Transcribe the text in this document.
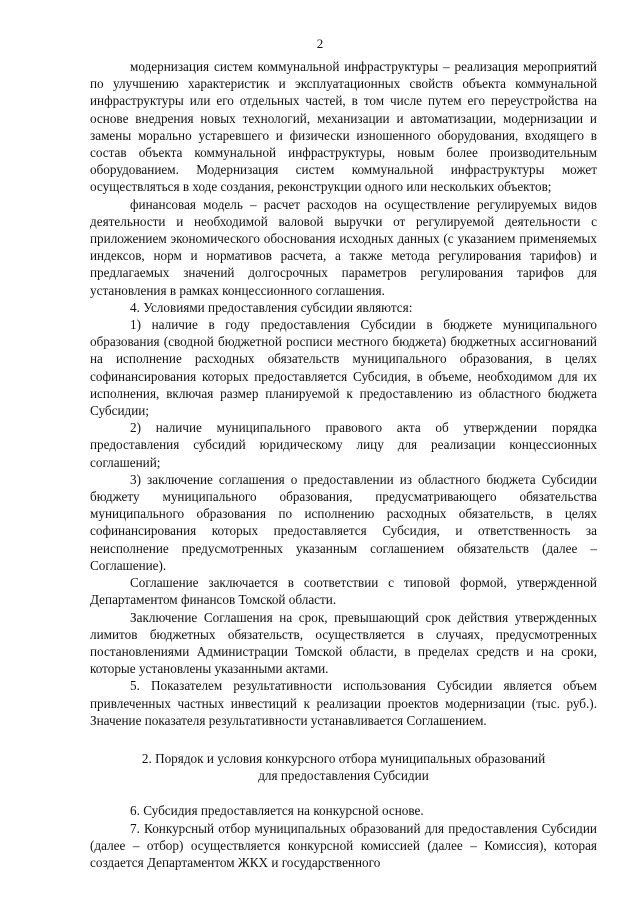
2

модернизация систем коммунальной инфраструктуры – реализация мероприятий по улучшению характеристик и эксплуатационных свойств объекта коммунальной инфраструктуры или его отдельных частей, в том числе путем его переустройства на основе внедрения новых технологий, механизации и автоматизации, модернизации и замены морально устаревшего и физически изношенного оборудования, входящего в состав объекта коммунальной инфраструктуры, новым более производительным оборудованием. Модернизация систем коммунальной инфраструктуры может осуществляться в ходе создания, реконструкции одного или нескольких объектов;

финансовая модель – расчет расходов на осуществление регулируемых видов деятельности и необходимой валовой выручки от регулируемой деятельности с приложением экономического обоснования исходных данных (с указанием применяемых индексов, норм и нормативов расчета, а также метода регулирования тарифов) и предлагаемых значений долгосрочных параметров регулирования тарифов для установления в рамках концессионного соглашения.

4. Условиями предоставления субсидии являются:

1) наличие в году предоставления Субсидии в бюджете муниципального образования (сводной бюджетной росписи местного бюджета) бюджетных ассигнований на исполнение расходных обязательств муниципального образования, в целях софинансирования которых предоставляется Субсидия, в объеме, необходимом для их исполнения, включая размер планируемой к предоставлению из областного бюджета Субсидии;

2) наличие муниципального правового акта об утверждении порядка предоставления субсидий юридическому лицу для реализации концессионных соглашений;

3) заключение соглашения о предоставлении из областного бюджета Субсидии бюджету муниципального образования, предусматривающего обязательства муниципального образования по исполнению расходных обязательств, в целях софинансирования которых предоставляется Субсидия, и ответственность за неисполнение предусмотренных указанным соглашением обязательств (далее – Соглашение).

Соглашение заключается в соответствии с типовой формой, утвержденной Департаментом финансов Томской области.

Заключение Соглашения на срок, превышающий срок действия утвержденных лимитов бюджетных обязательств, осуществляется в случаях, предусмотренных постановлениями Администрации Томской области, в пределах средств и на сроки, которые установлены указанными актами.

5. Показателем результативности использования Субсидии является объем привлеченных частных инвестиций к реализации проектов модернизации (тыс. руб.). Значение показателя результативности устанавливается Соглашением.

2. Порядок и условия конкурсного отбора муниципальных образований

для предоставления Субсидии

6. Субсидия предоставляется на конкурсной основе.

7. Конкурсный отбор муниципальных образований для предоставления Субсидии (далее – отбор) осуществляется конкурсной комиссией (далее – Комиссия), которая создается Департаментом ЖКХ и государственного
